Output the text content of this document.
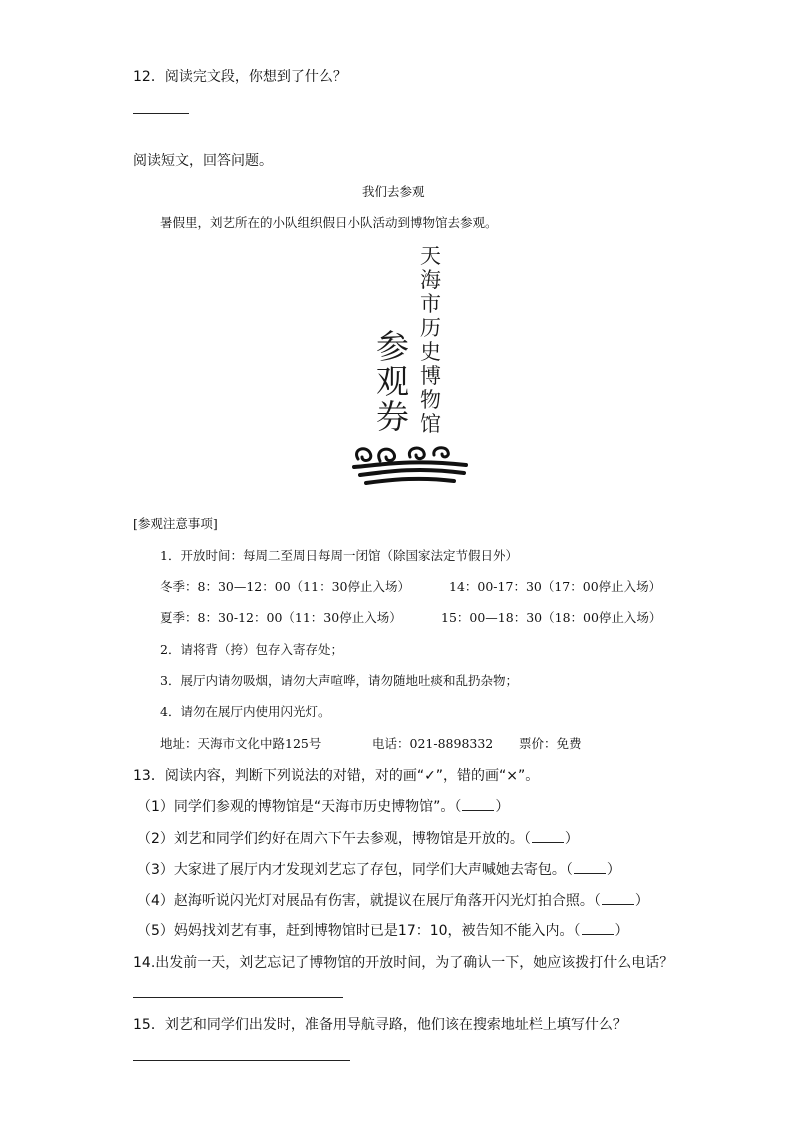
12．阅读完文段，你想到了什么？
阅读短文，回答问题。
我们去参观
暑假里，刘艺所在的小队组织假日小队活动到博物馆去参观。
天
海
市
历
史
博
物
馆
参
观
券
[参观注意事项]
1．开放时间：每周二至周日每周一闭馆（除国家法定节假日外）
冬季：8：30—12：00（11：30停止入场）	14：00-17：30（17：00停止入场）
夏季：8：30-12：00（11：30停止入场）	15：00—18：30（18：00停止入场）
2．请将背（挎）包存入寄存处；
3．展厅内请勿吸烟，请勿大声喧哗，请勿随地吐痰和乱扔杂物；
4．请勿在展厅内使用闪光灯。
地址：天海市文化中路125号	电话：021-8898332 票价：免费
13．阅读内容，判断下列说法的对错，对的画“✓”，错的画“×”。
（1）同学们参观的博物馆是“天海市历史博物馆”。（ ）
（2）刘艺和同学们约好在周六下午去参观，博物馆是开放的。（ ）
（3）大家进了展厅内才发现刘艺忘了存包，同学们大声喊她去寄包。（ ）
（4）赵海听说闪光灯对展品有伤害，就提议在展厅角落开闪光灯拍合照。（ ）
（5）妈妈找刘艺有事，赶到博物馆时已是17：10，被告知不能入内。（ ）
14.出发前一天，刘艺忘记了博物馆的开放时间，为了确认一下，她应该拨打什么电话？
15．刘艺和同学们出发时，准备用导航寻路，他们该在搜索地址栏上填写什么？
